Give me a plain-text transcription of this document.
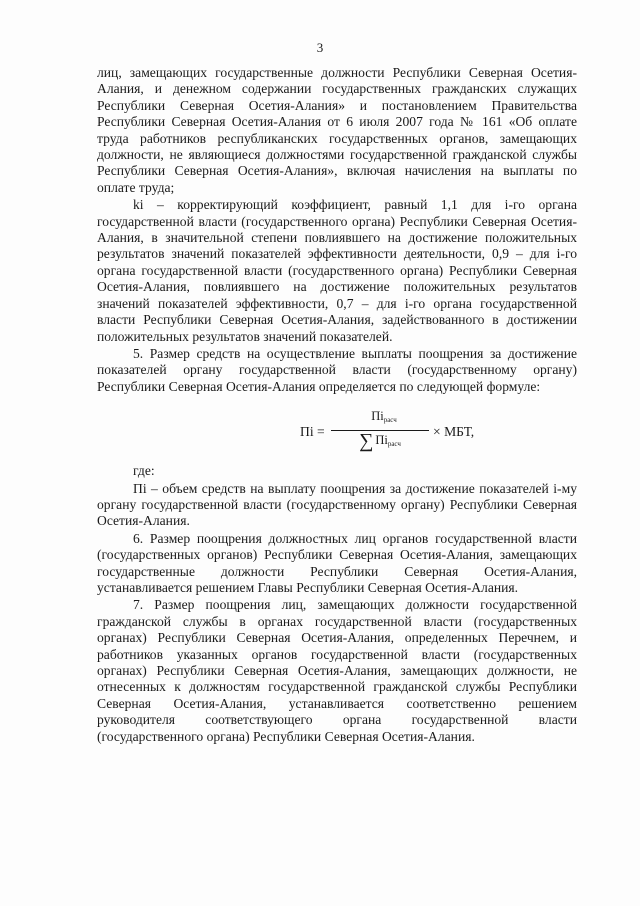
3

лиц, замещающих государственные должности Республики Северная Осетия-Алания, и денежном содержании государственных гражданских служащих Республики Северная Осетия-Алания» и постановлением Правительства Республики Северная Осетия-Алания от 6 июля 2007 года № 161 «Об оплате труда работников республиканских государственных органов, замещающих должности, не являющиеся должностями государственной гражданской службы Республики Северная Осетия-Алания», включая начисления на выплаты по оплате труда;

ki – корректирующий коэффициент, равный 1,1 для i-го органа государственной власти (государственного органа) Республики Северная Осетия-Алания, в значительной степени повлиявшего на достижение положительных результатов значений показателей эффективности деятельности, 0,9 – для i-го органа государственной власти (государственного органа) Республики Северная Осетия-Алания, повлиявшего на достижение положительных результатов значений показателей эффективности, 0,7 – для i-го органа государственной власти Республики Северная Осетия-Алания, задействованного в достижении положительных результатов значений показателей.

5. Размер средств на осуществление выплаты поощрения за достижение показателей органу государственной власти (государственному органу) Республики Северная Осетия-Алания определяется по следующей формуле:

Пi =
$Пi_{расч}$
∑ $Пi_{расч}$
× МБТ,

где:

Пi – объем средств на выплату поощрения за достижение показателей i-му органу государственной власти (государственному органу) Республики Северная Осетия-Алания.

6. Размер поощрения должностных лиц органов государственной власти (государственных органов) Республики Северная Осетия-Алания, замещающих государственные должности Республики Северная Осетия-Алания, устанавливается решением Главы Республики Северная Осетия-Алания.

7. Размер поощрения лиц, замещающих должности государственной гражданской службы в органах государственной власти (государственных органах) Республики Северная Осетия-Алания, определенных Перечнем, и работников указанных органов государственной власти (государственных органах) Республики Северная Осетия-Алания, замещающих должности, не отнесенных к должностям государственной гражданской службы Республики Северная Осетия-Алания, устанавливается соответственно решением руководителя соответствующего органа государственной власти (государственного органа) Республики Северная Осетия-Алания.
